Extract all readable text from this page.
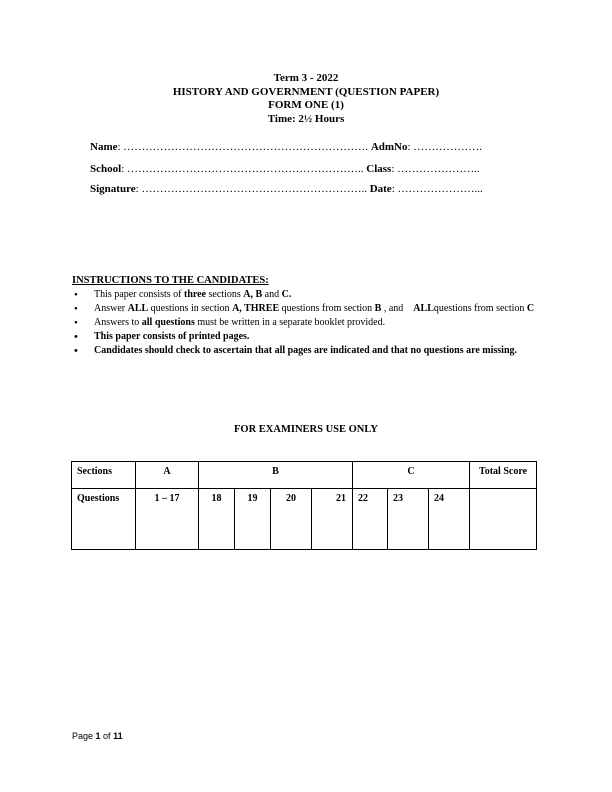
Term 3 - 2022
HISTORY AND GOVERNMENT (QUESTION PAPER)
FORM ONE (1)
Time: 2½ Hours
Name: …………………………………………………………. AdmNo: ……………….
School: ……………………………………………………….. Class: …………………..
Signature: …………………………………………………….. Date: …………………...
INSTRUCTIONS TO THE CANDIDATES:
• This paper consists of three sections A, B and C.
• Answer ALL questions in section A, THREE questions from section B , and    ALLquestions from section C
• Answers to all questions must be written in a separate booklet provided.
• This paper consists of printed pages.
• Candidates should check to ascertain that all pages are indicated and that no questions are missing.
FOR EXAMINERS USE ONLY
Sections	A	B				C			Total Score
Questions	1 – 17	18	19	20	21	22	23	24	
Page 1 of 11
